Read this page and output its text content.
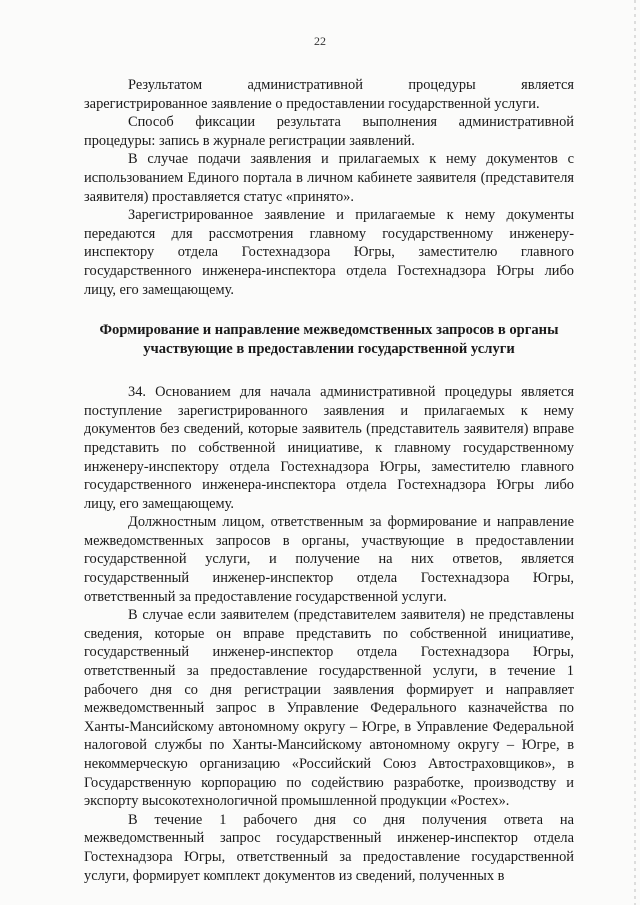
22

Результатом административной процедуры является зарегистрированное заявление о предоставлении государственной услуги.

Способ фиксации результата выполнения административной процедуры: запись в журнале регистрации заявлений.

В случае подачи заявления и прилагаемых к нему документов с использованием Единого портала в личном кабинете заявителя (представителя заявителя) проставляется статус «принято».

Зарегистрированное заявление и прилагаемые к нему документы передаются для рассмотрения главному государственному инженеру-инспектору отдела Гостехнадзора Югры, заместителю главного государственного инженера-инспектора отдела Гостехнадзора Югры либо лицу, его замещающему.

Формирование и направление межведомственных запросов в органы участвующие в предоставлении государственной услуги

34. Основанием для начала административной процедуры является поступление зарегистрированного заявления и прилагаемых к нему документов без сведений, которые заявитель (представитель заявителя) вправе представить по собственной инициативе, к главному государственному инженеру-инспектору отдела Гостехнадзора Югры, заместителю главного государственного инженера-инспектора отдела Гостехнадзора Югры либо лицу, его замещающему.

Должностным лицом, ответственным за формирование и направление межведомственных запросов в органы, участвующие в предоставлении государственной услуги, и получение на них ответов, является государственный инженер-инспектор отдела Гостехнадзора Югры, ответственный за предоставление государственной услуги.

В случае если заявителем (представителем заявителя) не представлены сведения, которые он вправе представить по собственной инициативе, государственный инженер-инспектор отдела Гостехнадзора Югры, ответственный за предоставление государственной услуги, в течение 1 рабочего дня со дня регистрации заявления формирует и направляет межведомственный запрос в Управление Федерального казначейства по Ханты-Мансийскому автономному округу – Югре, в Управление Федеральной налоговой службы по Ханты-Мансийскому автономному округу – Югре, в некоммерческую организацию «Российский Союз Автостраховщиков», в Государственную корпорацию по содействию разработке, производству и экспорту высокотехнологичной промышленной продукции «Ростех».

В течение 1 рабочего дня со дня получения ответа на межведомственный запрос государственный инженер-инспектор отдела Гостехнадзора Югры, ответственный за предоставление государственной услуги, формирует комплект документов из сведений, полученных в
